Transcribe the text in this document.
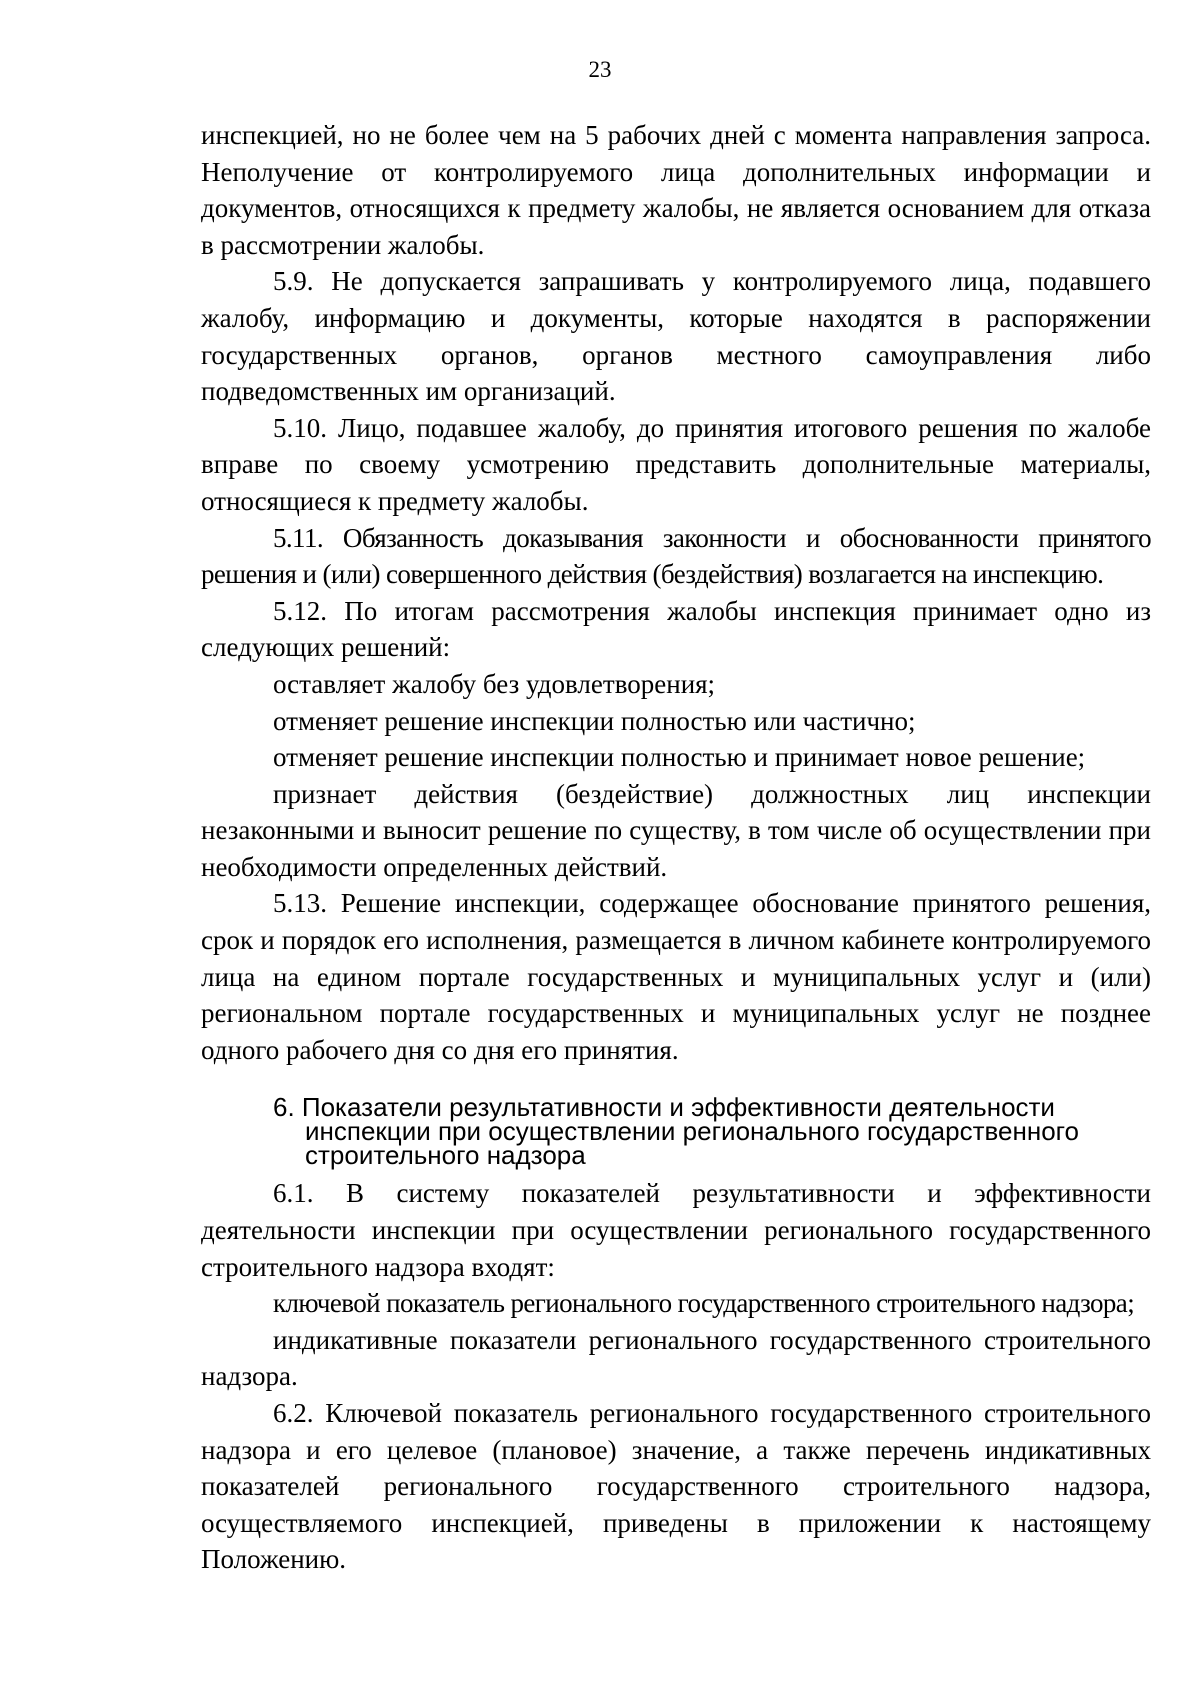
23

инспекцией, но не более чем на 5 рабочих дней с момента направления запроса. Неполучение от контролируемого лица дополнительных информации и документов, относящихся к предмету жалобы, не является основанием для отказа в рассмотрении жалобы.

5.9. Не допускается запрашивать у контролируемого лица, подавшего жалобу, информацию и документы, которые находятся в распоряжении государственных органов, органов местного самоуправления либо подведомственных им организаций.

5.10. Лицо, подавшее жалобу, до принятия итогового решения по жалобе вправе по своему усмотрению представить дополнительные материалы, относящиеся к предмету жалобы.

5.11. Обязанность доказывания законности и обоснованности принятого решения и (или) совершенного действия (бездействия) возлагается на инспекцию.

5.12. По итогам рассмотрения жалобы инспекция принимает одно из следующих решений:

оставляет жалобу без удовлетворения;

отменяет решение инспекции полностью или частично;

отменяет решение инспекции полностью и принимает новое решение;

признает действия (бездействие) должностных лиц инспекции незаконными и выносит решение по существу, в том числе об осуществлении при необходимости определенных действий.

5.13. Решение инспекции, содержащее обоснование принятого решения, срок и порядок его исполнения, размещается в личном кабинете контролируемого лица на едином портале государственных и муниципальных услуг и (или) региональном портале государственных и муниципальных услуг не позднее одного рабочего дня со дня его принятия.

6. Показатели результативности и эффективности деятельности
инспекции при осуществлении регионального государственного
строительного надзора

6.1. В систему показателей результативности и эффективности деятельности инспекции при осуществлении регионального государственного строительного надзора входят:

ключевой показатель регионального государственного строительного надзора;

индикативные показатели регионального государственного строительного надзора.

6.2. Ключевой показатель регионального государственного строительного надзора и его целевое (плановое) значение, а также перечень индикативных показателей регионального государственного строительного надзора, осуществляемого инспекцией, приведены в приложении к настоящему Положению.
